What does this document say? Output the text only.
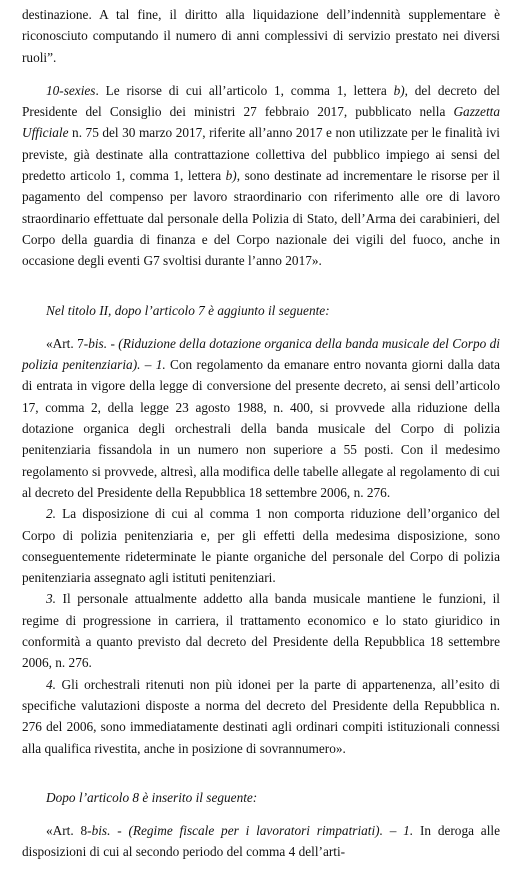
destinazione. A tal fine, il diritto alla liquidazione dell’indennità supplementare è riconosciuto computando il numero di anni complessivi di servizio prestato nei diversi ruoli”.

10-sexies. Le risorse di cui all’articolo 1, comma 1, lettera b), del decreto del Presidente del Consiglio dei ministri 27 febbraio 2017, pubblicato nella Gazzetta Ufficiale n. 75 del 30 marzo 2017, riferite all’anno 2017 e non utilizzate per le finalità ivi previste, già destinate alla contrattazione collettiva del pubblico impiego ai sensi del predetto articolo 1, comma 1, lettera b), sono destinate ad incrementare le risorse per il pagamento del compenso per lavoro straordinario con riferimento alle ore di lavoro straordinario effettuate dal personale della Polizia di Stato, dell’Arma dei carabinieri, del Corpo della guardia di finanza e del Corpo nazionale dei vigili del fuoco, anche in occasione degli eventi G7 svoltisi durante l’anno 2017».

Nel titolo II, dopo l’articolo 7 è aggiunto il seguente:

«Art. 7-bis. - (Riduzione della dotazione organica della banda musicale del Corpo di polizia penitenziaria). – 1. Con regolamento da emanare entro novanta giorni dalla data di entrata in vigore della legge di conversione del presente decreto, ai sensi dell’articolo 17, comma 2, della legge 23 agosto 1988, n. 400, si provvede alla riduzione della dotazione organica degli orchestrali della banda musicale del Corpo di polizia penitenziaria fissandola in un numero non superiore a 55 posti. Con il medesimo regolamento si provvede, altresì, alla modifica delle tabelle allegate al regolamento di cui al decreto del Presidente della Repubblica 18 settembre 2006, n. 276.

2. La disposizione di cui al comma 1 non comporta riduzione dell’organico del Corpo di polizia penitenziaria e, per gli effetti della medesima disposizione, sono conseguentemente rideterminate le piante organiche del personale del Corpo di polizia penitenziaria assegnato agli istituti penitenziari.

3. Il personale attualmente addetto alla banda musicale mantiene le funzioni, il regime di progressione in carriera, il trattamento economico e lo stato giuridico in conformità a quanto previsto dal decreto del Presidente della Repubblica 18 settembre 2006, n. 276.

4. Gli orchestrali ritenuti non più idonei per la parte di appartenenza, all’esito di specifiche valutazioni disposte a norma del decreto del Presidente della Repubblica n. 276 del 2006, sono immediatamente destinati agli ordinari compiti istituzionali connessi alla qualifica rivestita, anche in posizione di sovrannumero».

Dopo l’articolo 8 è inserito il seguente:

«Art. 8-bis. - (Regime fiscale per i lavoratori rimpatriati). – 1. In deroga alle disposizioni di cui al secondo periodo del comma 4 dell’arti-
